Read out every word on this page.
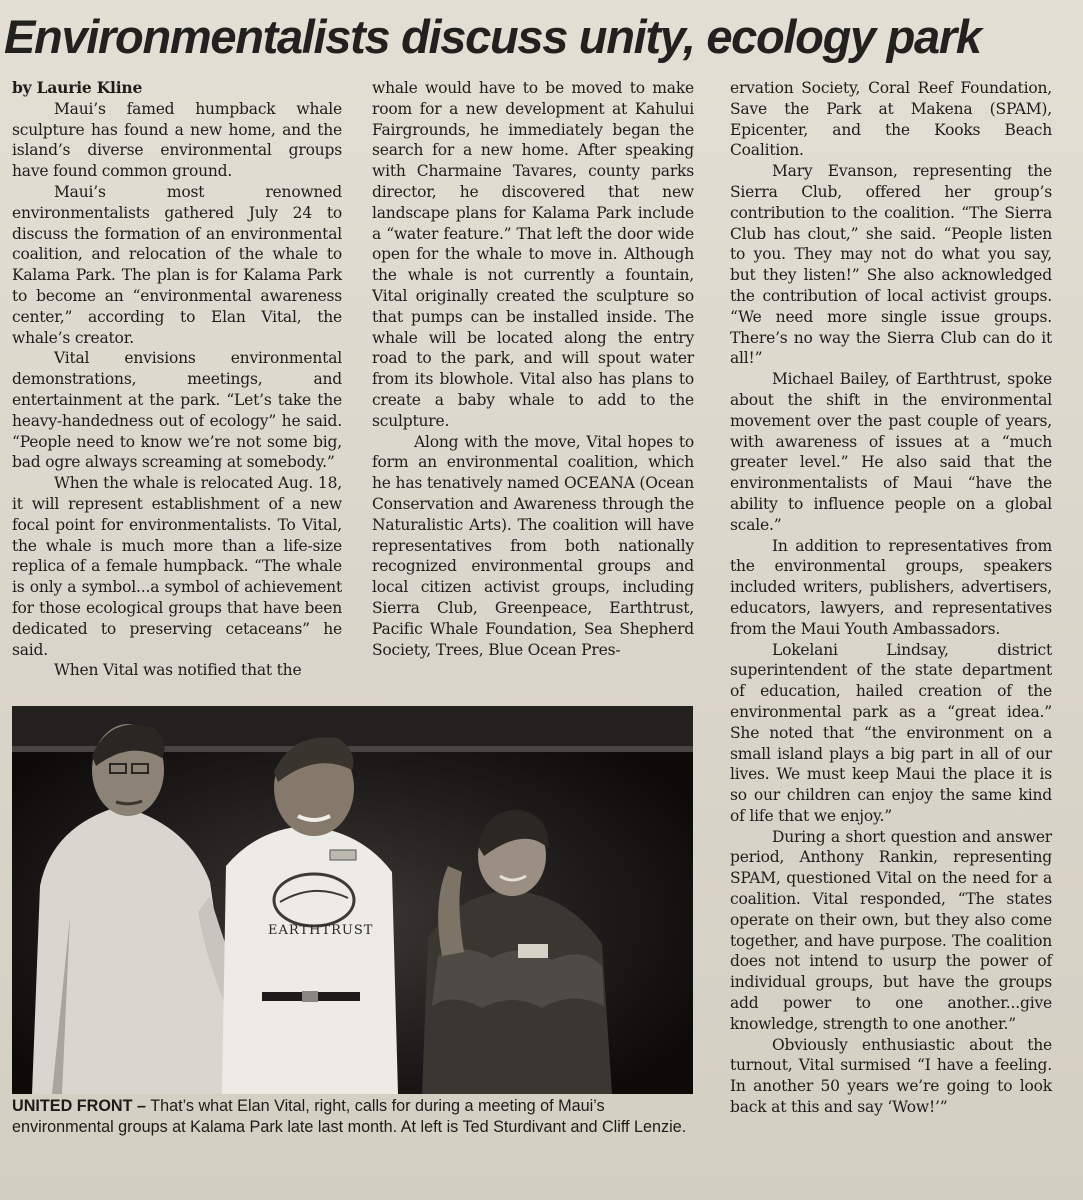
Environmentalists discuss unity, ecology park
by Laurie Kline

Maui’s famed humpback whale sculpture has found a new home, and the island’s diverse environmental groups have found common ground.

Maui’s most renowned environmentalists gathered July 24 to discuss the formation of an environmental coalition, and relocation of the whale to Kalama Park. The plan is for Kalama Park to become an “environmental awareness center,” according to Elan Vital, the whale’s creator.

Vital envisions environmental demonstrations, meetings, and entertainment at the park. “Let’s take the heavy-handedness out of ecology” he said. “People need to know we’re not some big, bad ogre always screaming at somebody.”

When the whale is relocated Aug. 18, it will represent establishment of a new focal point for environmentalists. To Vital, the whale is much more than a life-size replica of a female humpback. “The whale is only a symbol...a symbol of achievement for those ecological groups that have been dedicated to preserving cetaceans” he said.

When Vital was notified that the

whale would have to be moved to make room for a new development at Kahului Fairgrounds, he immediately began the search for a new home. After speaking with Charmaine Tavares, county parks director, he discovered that new landscape plans for Kalama Park include a “water feature.” That left the door wide open for the whale to move in. Although the whale is not currently a fountain, Vital originally created the sculpture so that pumps can be installed inside. The whale will be located along the entry road to the park, and will spout water from its blowhole. Vital also has plans to create a baby whale to add to the sculpture.

Along with the move, Vital hopes to form an environmental coalition, which he has tenatively named OCEANA (Ocean Conservation and Awareness through the Naturalistic Arts). The coalition will have representatives from both nationally recognized environmental groups and local citizen activist groups, including Sierra Club, Greenpeace, Earthtrust, Pacific Whale Foundation, Sea Shepherd Society, Trees, Blue Ocean Pres-

ervation Society, Coral Reef Foundation, Save the Park at Makena (SPAM), Epicenter, and the Kooks Beach Coalition.

Mary Evanson, representing the Sierra Club, offered her group’s contribution to the coalition. “The Sierra Club has clout,” she said. “People listen to you. They may not do what you say, but they listen!” She also acknowledged the contribution of local activist groups. “We need more single issue groups. There’s no way the Sierra Club can do it all!”

Michael Bailey, of Earthtrust, spoke about the shift in the environmental movement over the past couple of years, with awareness of issues at a “much greater level.” He also said that the environmentalists of Maui “have the ability to influence people on a global scale.”

In addition to representatives from the environmental groups, speakers included writers, publishers, advertisers, educators, lawyers, and representatives from the Maui Youth Ambassadors.

Lokelani Lindsay, district superintendent of the state department of education, hailed creation of the environmental park as a “great idea.” She noted that “the environment on a small island plays a big part in all of our lives. We must keep Maui the place it is so our children can enjoy the same kind of life that we enjoy.”

During a short question and answer period, Anthony Rankin, representing SPAM, questioned Vital on the need for a coalition. Vital responded, “The states operate on their own, but they also come together, and have purpose. The coalition does not intend to usurp the power of individual groups, but have the groups add power to one another...give knowledge, strength to one another.”

Obviously enthusiastic about the turnout, Vital surmised “I have a feeling. In another 50 years we’re going to look back at this and say ‘Wow!’”

EARTHTRUST
UNITED FRONT – That’s what Elan Vital, right, calls for during a meeting of Maui’s environmental groups at Kalama Park late last month. At left is Ted Sturdivant and Cliff Lenzie.
